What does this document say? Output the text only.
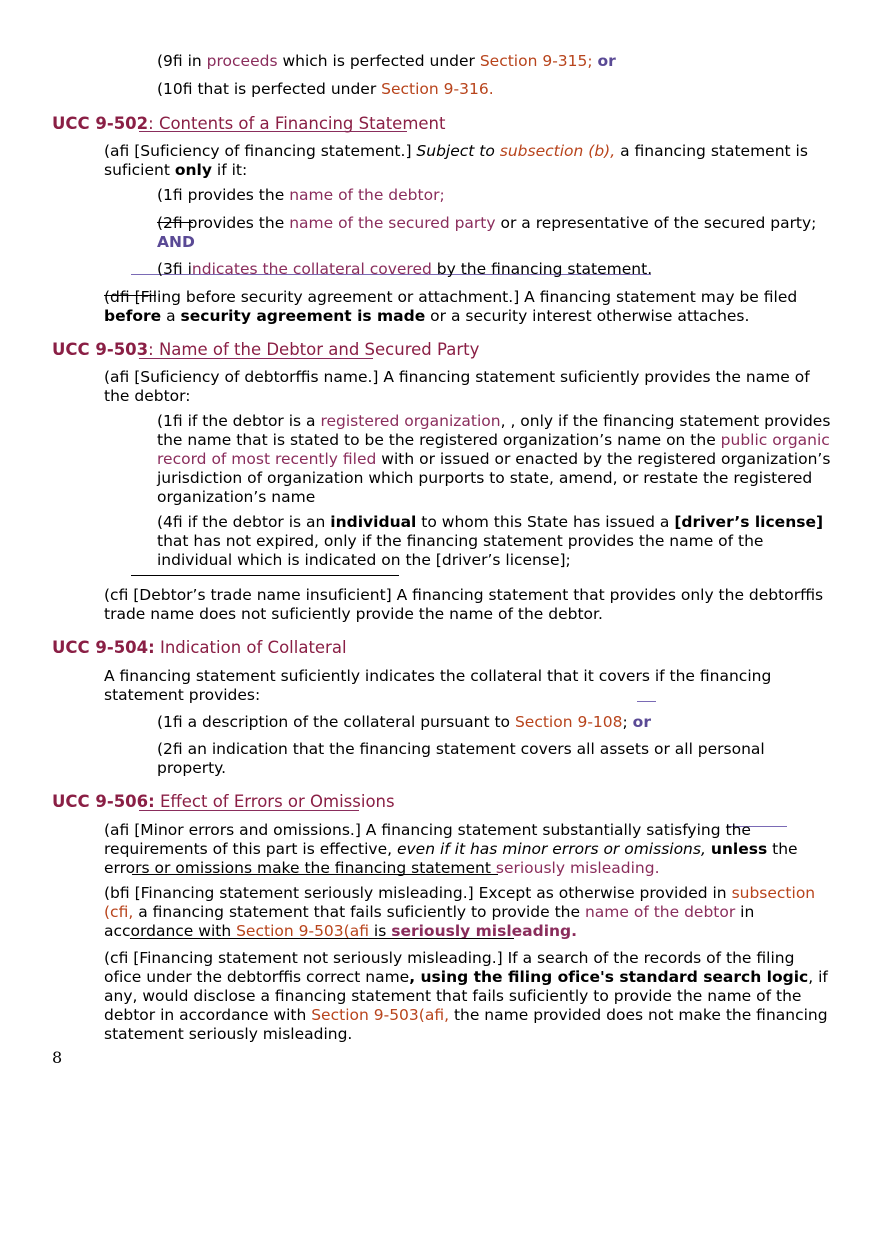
(9fi in proceeds which is perfected under Section 9-315; or

(10fi that is perfected under Section 9-316.

UCC 9-502: Contents of a Financing Statement

(afi [Sufi̇ciency of financing statement.] Subject to subsection (b), a financing statement is sufi̇cient only if it:

(1fi provides the name of the debtor;

(2fi provides the name of the secured party or a representative of the secured party;
AND

(3fi indicates the collateral covered by the financing statement.

(dfi [Filing before security agreement or attachment.] A financing statement may be filed before a security agreement is made or a security interest otherwise attaches.

UCC 9-503: Name of the Debtor and Secured Party

(afi [Sufi̇ciency of debtorffis name.] A financing statement sufi̇ciently provides the name of the debtor:

(1fi if the debtor is a registered organization, , only if the financing statement provides the name that is stated to be the registered organization’s name on the public organic record of most recently filed with or issued or enacted by the registered organization’s jurisdiction of organization which purports to state, amend, or restate the registered organization’s name

(4fi if the debtor is an individual to whom this State has issued a [driver’s license] that has not expired, only if the financing statement provides the name of the individual which is indicated on the [driver’s license];

(cfi [Debtor’s trade name insufi̇cient] A financing statement that provides only the debtorffis trade name does not sufi̇ciently provide the name of the debtor.

UCC 9-504: Indication of Collateral

A financing statement sufi̇ciently indicates the collateral that it covers if the financing statement provides:

(1fi a description of the collateral pursuant to Section 9-108; or

(2fi an indication that the financing statement covers all assets or all personal property.

UCC 9-506: Effect of Errors or Omissions

(afi [Minor errors and omissions.] A financing statement substantially satisfying the requirements of this part is effective, even if it has minor errors or omissions, unless the errors or omissions make the financing statement seriously misleading.

(bfi [Financing statement seriously misleading.] Except as otherwise provided in subsection (cfi, a financing statement that fails sufi̇ciently to provide the name of the debtor in accordance with Section 9-503(afi is seriously misleading.

(cfi [Financing statement not seriously misleading.] If a search of the records of the filing ofi̇ce under the debtorffis correct name, using the filing ofi̇ce's standard search logic, if any, would disclose a financing statement that fails sufi̇ciently to provide the name of the debtor in accordance with Section 9-503(afi, the name provided does not make the financing statement seriously misleading.

8
